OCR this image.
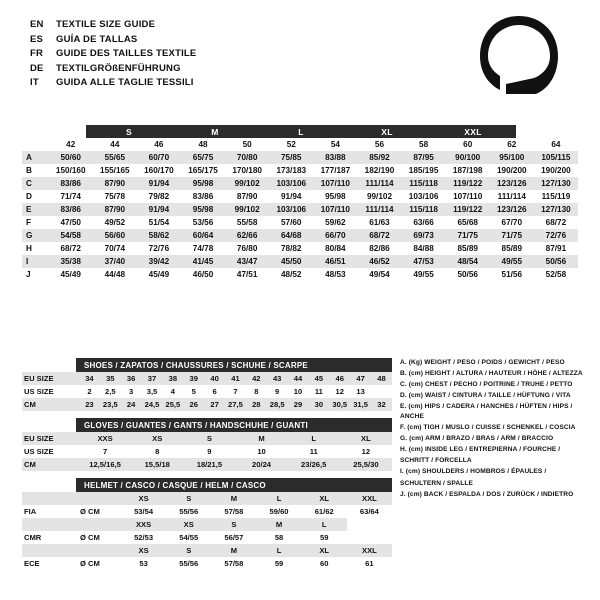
EN	TEXTILE SIZE GUIDE
ES	GUÍA DE TALLAS
FR	GUIDE DES TAILLES TEXTILE
DE	TEXTILGRÖßENFÜHRUNG
IT	GUIDA ALLE TAGLIE TESSILI
S	M	L	XL	XXL
	42	44	46	48	50	52	54	56	58	60	62	64
A	50/60	55/65	60/70	65/75	70/80	75/85	83/88	85/92	87/95	90/100	95/100	105/115
B	150/160	155/165	160/170	165/175	170/180	173/183	177/187	182/190	185/195	187/198	190/200	190/200
C	83/86	87/90	91/94	95/98	99/102	103/106	107/110	111/114	115/118	119/122	123/126	127/130
D	71/74	75/78	79/82	83/86	87/90	91/94	95/98	99/102	103/106	107/110	111/114	115/119
E	83/86	87/90	91/94	95/98	99/102	103/106	107/110	111/114	115/118	119/122	123/126	127/130
F	47/50	49/52	51/54	53/56	55/58	57/60	59/62	61/63	63/66	65/68	67/70	68/72
G	54/58	56/60	58/62	60/64	62/66	64/68	66/70	68/72	69/73	71/75	71/75	72/76
H	68/72	70/74	72/76	74/78	76/80	78/82	80/84	82/86	84/88	85/89	85/89	87/91
I	35/38	37/40	39/42	41/45	43/47	45/50	46/51	46/52	47/53	48/54	49/55	50/56
J	45/49	44/48	45/49	46/50	47/51	48/52	48/53	49/54	49/55	50/56	51/56	52/58
SHOES / ZAPATOS / CHAUSSURES / SCHUHE / SCARPE
EU SIZE	34	35	36	37	38	39	40	41	42	43	44	45	46	47	48
US SIZE	2	2,5	3	3,5	4	5	6	7	8	9	10	11	12	13	
CM	23	23,5	24	24,5	25,5	26	27	27,5	28	28,5	29	30	30,5	31,5	32
GLOVES / GUANTES / GANTS / HANDSCHUHE / GUANTI
EU SIZE	XXS	XS	S	M	L	XL
US SIZE	7	8	9	10	11	12
CM	12,5/16,5	15,5/18	18/21,5	20/24	23/26,5	25,5/30
HELMET / CASCO / CASQUE / HELM / CASCO
		XS	S	M	L	XL	XXL
FIA	Ø CM	53/54	55/56	57/58	59/60	61/62	63/64
		XXS	XS	S	M	L	
CMR	Ø CM	52/53	54/55	56/57	58	59	
		XS	S	M	L	XL	XXL
ECE	Ø CM	53	55/56	57/58	59	60	61
A. (Kg) WEIGHT / PESO / POIDS / GEWICHT / PESO
B. (cm) HEIGHT / ALTURA / HAUTEUR / HÖHE / ALTEZZA
C. (cm) CHEST / PECHO / POITRINE / TRUHE / PETTO
D. (cm) WAIST / CINTURA / TAILLE / HÜFTUNG / VITA
E. (cm) HIPS / CADERA / HANCHES / HÜFTEN / HIPS / ANCHE
F. (cm) TIGH / MUSLO / CUISSE / SCHENKEL / COSCIA
G. (cm) ARM / BRAZO / BRAS / ARM / BRACCIO
H. (cm) INSIDE LEG / ENTREPIERNA / FOURCHE /
SCHRITT / FORCELLA
I. (cm) SHOULDERS / HOMBROS / ÉPAULES /
SCHULTERN / SPALLE
J. (cm) BACK / ESPALDA / DOS / ZURÜCK / INDIETRO
